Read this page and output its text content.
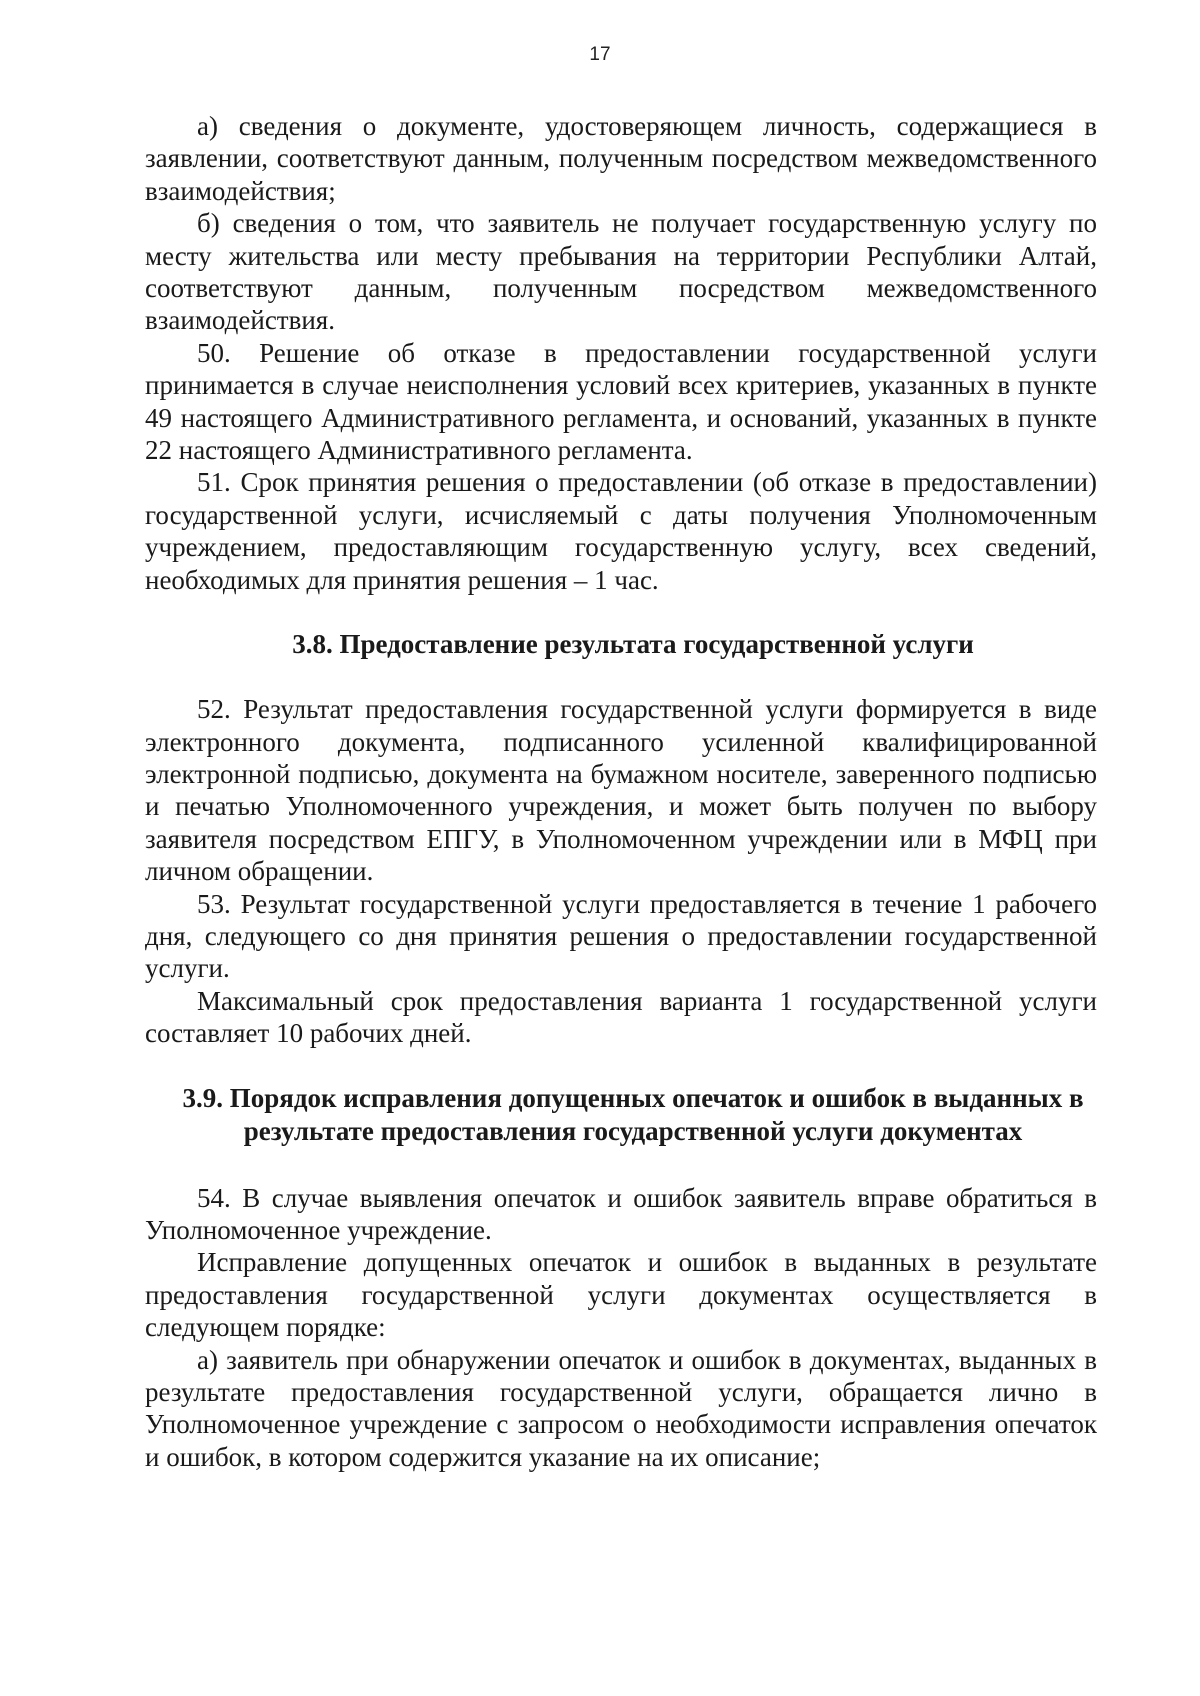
17

а) сведения о документе, удостоверяющем личность, содержащиеся в заявлении, соответствуют данным, полученным посредством межведомственного взаимодействия;

б) сведения о том, что заявитель не получает государственную услугу по месту жительства или месту пребывания на территории Республики Алтай, соответствуют данным, полученным посредством межведомственного взаимодействия.

50. Решение об отказе в предоставлении государственной услуги принимается в случае неисполнения условий всех критериев, указанных в пункте 49 настоящего Административного регламента, и оснований, указанных в пункте 22 настоящего Административного регламента.

51. Срок принятия решения о предоставлении (об отказе в предоставлении) государственной услуги, исчисляемый с даты получения Уполномоченным учреждением, предоставляющим государственную услугу, всех сведений, необходимых для принятия решения – 1 час.

3.8. Предоставление результата государственной услуги

52. Результат предоставления государственной услуги формируется в виде электронного документа, подписанного усиленной квалифицированной электронной подписью, документа на бумажном носителе, заверенного подписью и печатью Уполномоченного учреждения, и может быть получен по выбору заявителя посредством ЕПГУ, в Уполномоченном учреждении или в МФЦ при личном обращении.

53. Результат государственной услуги предоставляется в течение 1 рабочего дня, следующего со дня принятия решения о предоставлении государственной услуги.

Максимальный срок предоставления варианта 1 государственной услуги составляет 10 рабочих дней.

3.9. Порядок исправления допущенных опечаток и ошибок в выданных в результате предоставления государственной услуги документах

54. В случае выявления опечаток и ошибок заявитель вправе обратиться в Уполномоченное учреждение.

Исправление допущенных опечаток и ошибок в выданных в результате предоставления государственной услуги документах осуществляется в следующем порядке:

а) заявитель при обнаружении опечаток и ошибок в документах, выданных в результате предоставления государственной услуги, обращается лично в Уполномоченное учреждение с запросом о необходимости исправления опечаток и ошибок, в котором содержится указание на их описание;
